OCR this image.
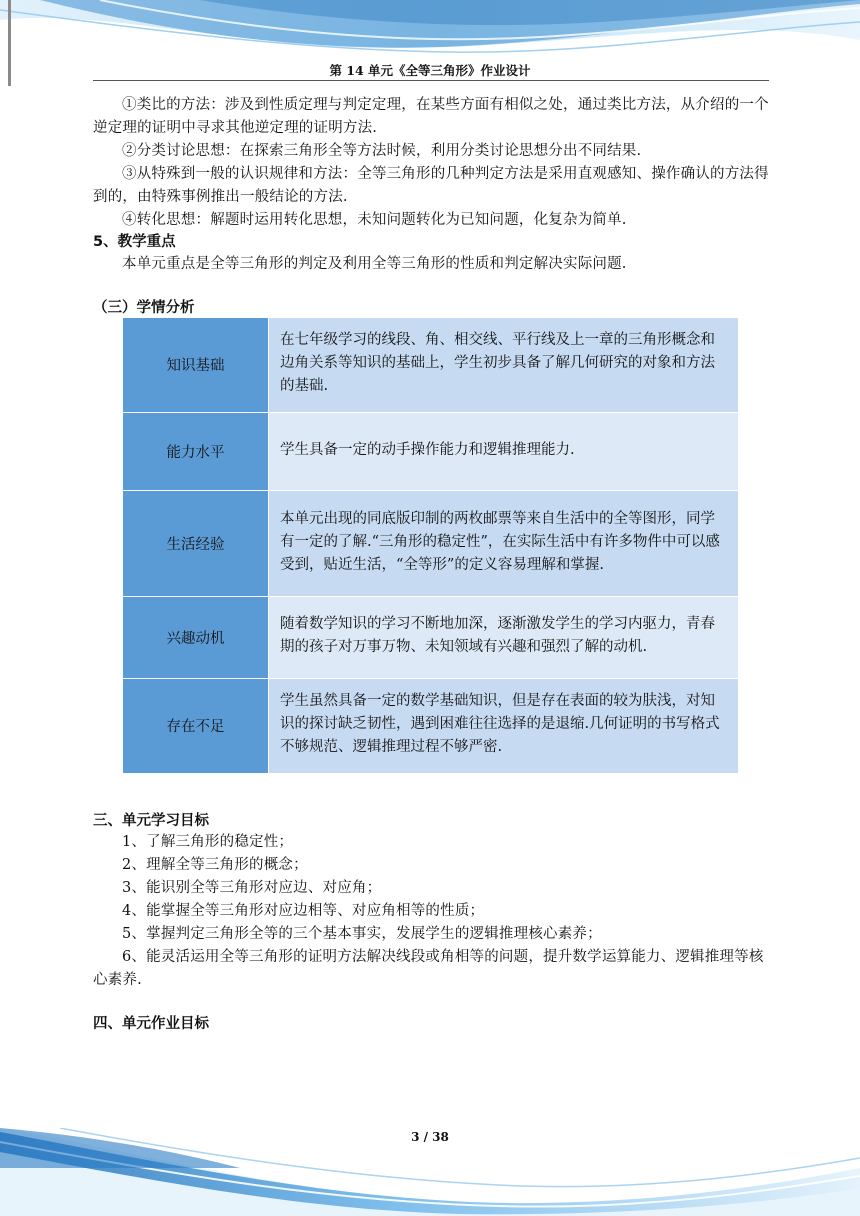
第 14 单元《全等三角形》作业设计
①类比的方法：涉及到性质定理与判定定理，在某些方面有相似之处，通过类比方法，从介绍的一个逆定理的证明中寻求其他逆定理的证明方法.
②分类讨论思想：在探索三角形全等方法时候，利用分类讨论思想分出不同结果.
③从特殊到一般的认识规律和方法：全等三角形的几种判定方法是采用直观感知、操作确认的方法得到的，由特殊事例推出一般结论的方法.
④转化思想：解题时运用转化思想，未知问题转化为已知问题，化复杂为简单.
5、教学重点
本单元重点是全等三角形的判定及利用全等三角形的性质和判定解决实际问题.
（三）学情分析
知识基础	在七年级学习的线段、角、相交线、平行线及上一章的三角形概念和边角关系等知识的基础上，学生初步具备了解几何研究的对象和方法的基础.
能力水平	学生具备一定的动手操作能力和逻辑推理能力.
生活经验	本单元出现的同底版印制的两枚邮票等来自生活中的全等图形，同学有一定的了解.“三角形的稳定性”，在实际生活中有许多物件中可以感受到，贴近生活，“全等形”的定义容易理解和掌握.
兴趣动机	随着数学知识的学习不断地加深，逐渐激发学生的学习内驱力，青春期的孩子对万事万物、未知领域有兴趣和强烈了解的动机.
存在不足	学生虽然具备一定的数学基础知识，但是存在表面的较为肤浅，对知识的探讨缺乏韧性，遇到困难往往选择的是退缩.几何证明的书写格式不够规范、逻辑推理过程不够严密.
三、单元学习目标
1、了解三角形的稳定性；
2、理解全等三角形的概念；
3、能识别全等三角形对应边、对应角；
4、能掌握全等三角形对应边相等、对应角相等的性质；
5、掌握判定三角形全等的三个基本事实，发展学生的逻辑推理核心素养；
6、能灵活运用全等三角形的证明方法解决线段或角相等的问题，提升数学运算能力、逻辑推理等核心素养.
四、单元作业目标
3 / 38
